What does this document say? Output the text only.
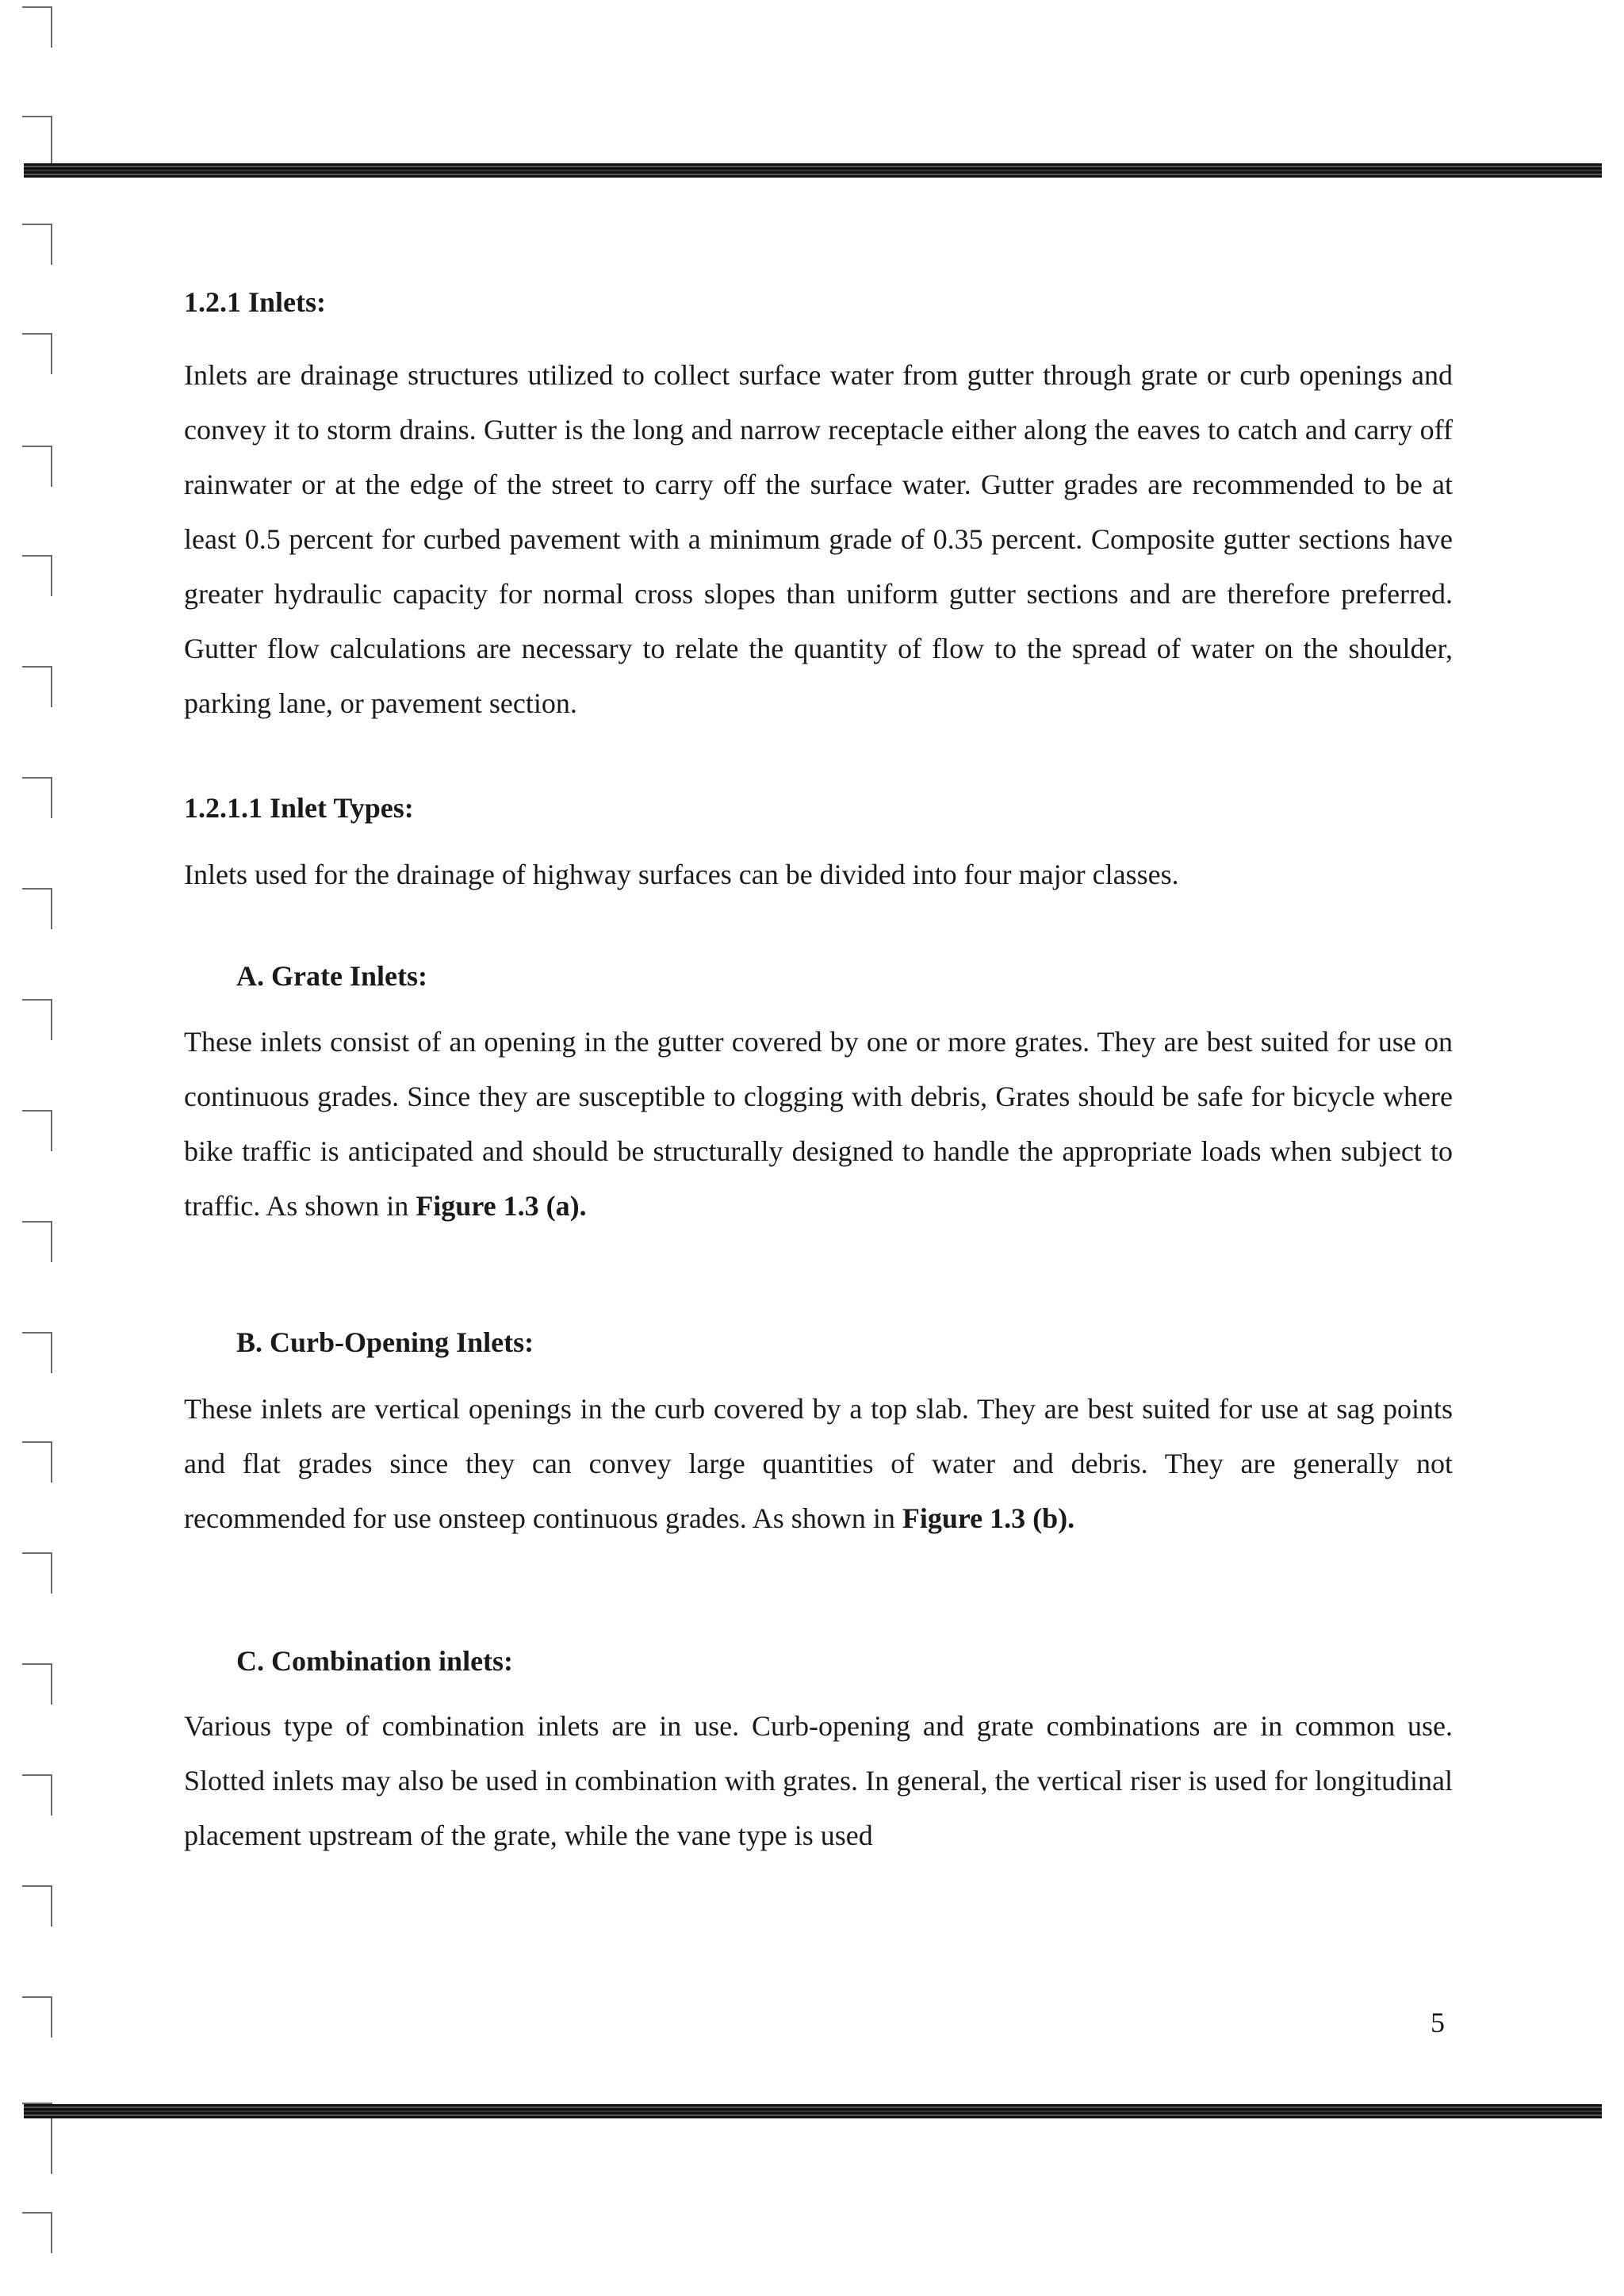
1.2.1 Inlets:

Inlets are drainage structures utilized to collect surface water from gutter through grate or curb openings and convey it to storm drains. Gutter is the long and narrow receptacle either along the eaves to catch and carry off rainwater or at the edge of the street to carry off the surface water. Gutter grades are recommended to be at least 0.5 percent for curbed pavement with a minimum grade of 0.35 percent. Composite gutter sections have greater hydraulic capacity for normal cross slopes than uniform gutter sections and are therefore preferred. Gutter flow calculations are necessary to relate the quantity of flow to the spread of water on the shoulder, parking lane, or pavement section.

1.2.1.1 Inlet Types:

Inlets used for the drainage of highway surfaces can be divided into four major classes.

A. Grate Inlets:

These inlets consist of an opening in the gutter covered by one or more grates. They are best suited for use on continuous grades. Since they are susceptible to clogging with debris, Grates should be safe for bicycle where bike traffic is anticipated and should be structurally designed to handle the appropriate loads when subject to traffic. As shown in Figure 1.3 (a).

B. Curb-Opening Inlets:

These inlets are vertical openings in the curb covered by a top slab. They are best suited for use at sag points and flat grades since they can convey large quantities of water and debris. They are generally not recommended for use onsteep continuous grades. As shown in Figure 1.3 (b).

C. Combination inlets:

Various type of combination inlets are in use. Curb-opening and grate combinations are in common use. Slotted inlets may also be used in combination with grates. In general, the vertical riser is used for longitudinal placement upstream of the grate, while the vane type is used

5
